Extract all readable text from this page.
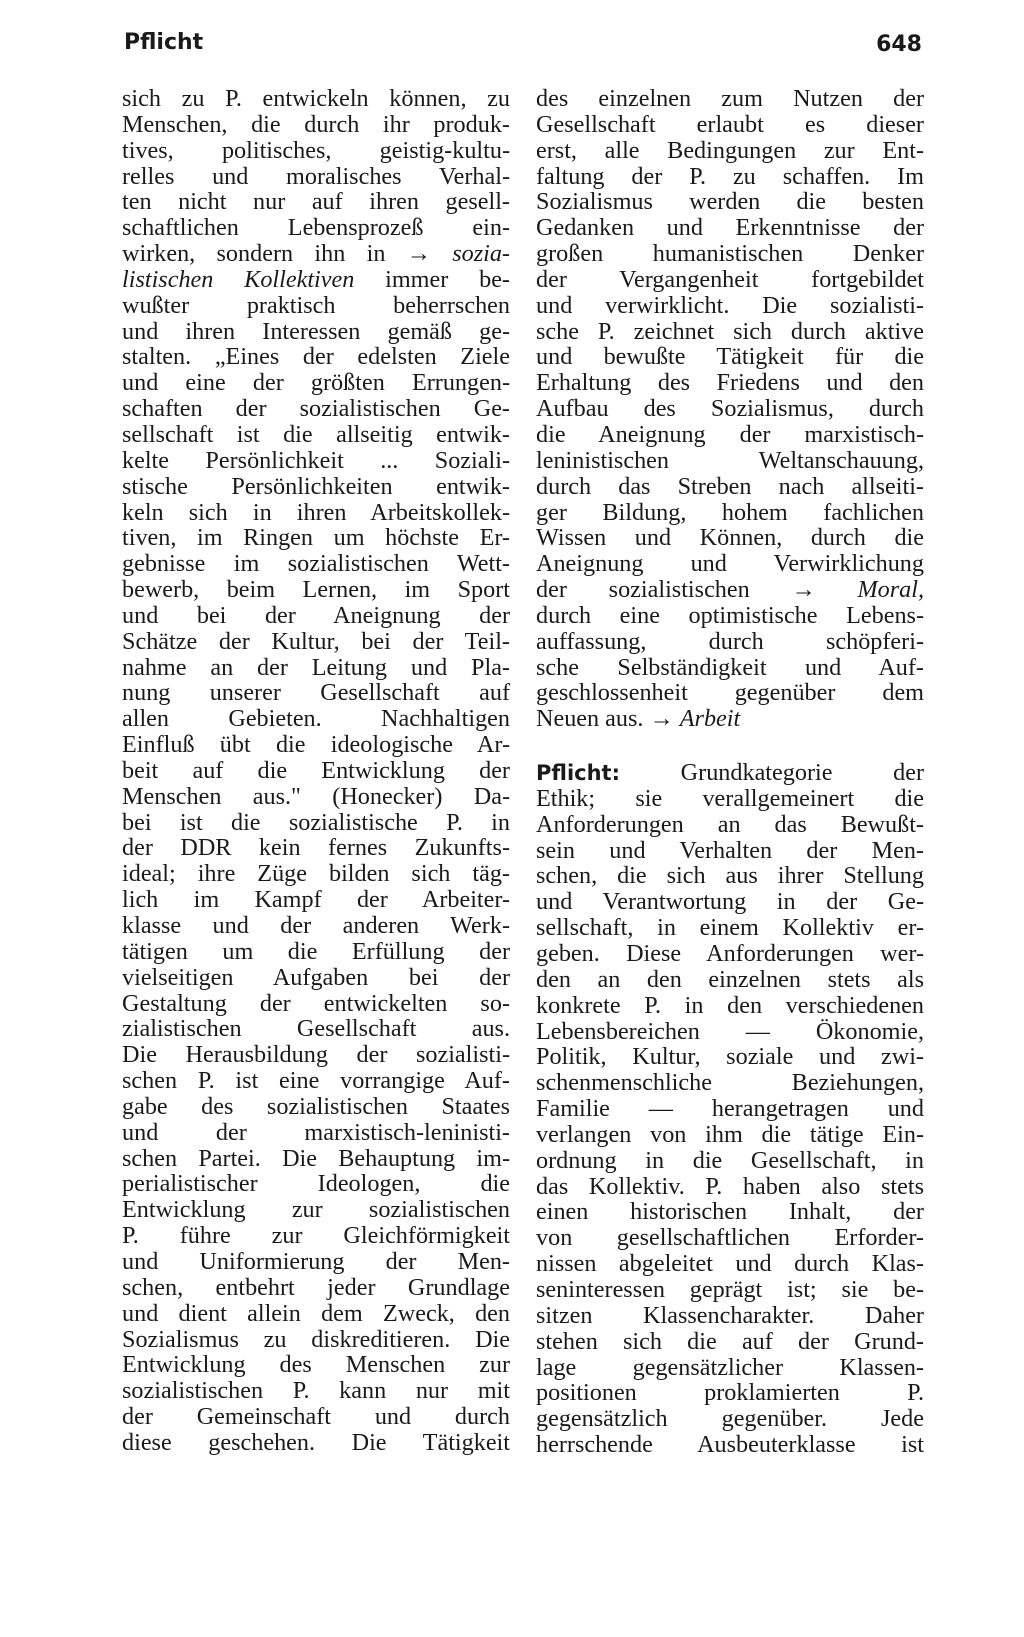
Pflicht	648
sich zu P. entwickeln können, zu
Menschen, die durch ihr produk-
tives, politisches, geistig-kultu-
relles und moralisches Verhal-
ten nicht nur auf ihren gesell-
schaftlichen Lebensprozeß ein-
wirken, sondern ihn in → sozia-
listischen Kollektiven immer be-
wußter praktisch beherrschen
und ihren Interessen gemäß ge-
stalten. „Eines der edelsten Ziele
und eine der größten Errungen-
schaften der sozialistischen Ge-
sellschaft ist die allseitig entwik-
kelte Persönlichkeit ... Soziali-
stische Persönlichkeiten entwik-
keln sich in ihren Arbeitskollek-
tiven, im Ringen um höchste Er-
gebnisse im sozialistischen Wett-
bewerb, beim Lernen, im Sport
und bei der Aneignung der
Schätze der Kultur, bei der Teil-
nahme an der Leitung und Pla-
nung unserer Gesellschaft auf
allen Gebieten. Nachhaltigen
Einfluß übt die ideologische Ar-
beit auf die Entwicklung der
Menschen aus." (Honecker) Da-
bei ist die sozialistische P. in
der DDR kein fernes Zukunfts-
ideal; ihre Züge bilden sich täg-
lich im Kampf der Arbeiter-
klasse und der anderen Werk-
tätigen um die Erfüllung der
vielseitigen Aufgaben bei der
Gestaltung der entwickelten so-
zialistischen Gesellschaft aus.
Die Herausbildung der sozialisti-
schen P. ist eine vorrangige Auf-
gabe des sozialistischen Staates
und der marxistisch-leninisti-
schen Partei. Die Behauptung im-
perialistischer Ideologen, die
Entwicklung zur sozialistischen
P. führe zur Gleichförmigkeit
und Uniformierung der Men-
schen, entbehrt jeder Grundlage
und dient allein dem Zweck, den
Sozialismus zu diskreditieren. Die
Entwicklung des Menschen zur
sozialistischen P. kann nur mit
der Gemeinschaft und durch
diese geschehen. Die Tätigkeit
des einzelnen zum Nutzen der
Gesellschaft erlaubt es dieser
erst, alle Bedingungen zur Ent-
faltung der P. zu schaffen. Im
Sozialismus werden die besten
Gedanken und Erkenntnisse der
großen humanistischen Denker
der Vergangenheit fortgebildet
und verwirklicht. Die sozialisti-
sche P. zeichnet sich durch aktive
und bewußte Tätigkeit für die
Erhaltung des Friedens und den
Aufbau des Sozialismus, durch
die Aneignung der marxistisch-
leninistischen Weltanschauung,
durch das Streben nach allseiti-
ger Bildung, hohem fachlichen
Wissen und Können, durch die
Aneignung und Verwirklichung
der sozialistischen → Moral,
durch eine optimistische Lebens-
auffassung, durch schöpferi-
sche Selbständigkeit und Auf-
geschlossenheit gegenüber dem
Neuen aus. → Arbeit
Pflicht:	Grundkategorie der
Ethik; sie verallgemeinert die
Anforderungen an das Bewußt-
sein und Verhalten der Men-
schen, die sich aus ihrer Stellung
und Verantwortung in der Ge-
sellschaft, in einem Kollektiv er-
geben. Diese Anforderungen wer-
den an den einzelnen stets als
konkrete P. in den verschiedenen
Lebensbereichen — Ökonomie,
Politik, Kultur, soziale und zwi-
schenmenschliche Beziehungen,
Familie — herangetragen und
verlangen von ihm die tätige Ein-
ordnung in die Gesellschaft, in
das Kollektiv. P. haben also stets
einen historischen Inhalt, der
von gesellschaftlichen Erforder-
nissen abgeleitet und durch Klas-
seninteressen geprägt ist; sie be-
sitzen Klassencharakter. Daher
stehen sich die auf der Grund-
lage gegensätzlicher Klassen-
positionen proklamierten P.
gegensätzlich gegenüber. Jede
herrschende Ausbeuterklasse ist
